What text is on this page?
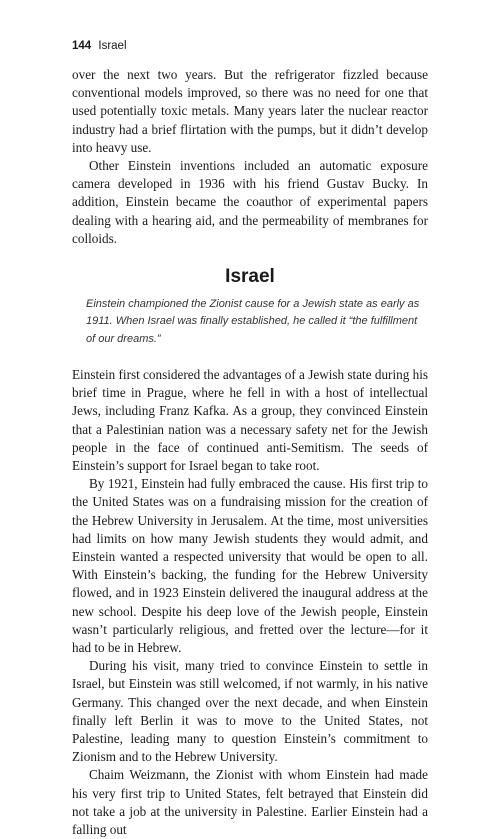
144 Israel

over the next two years. But the refrigerator fizzled because conventional models improved, so there was no need for one that used potentially toxic metals. Many years later the nuclear reactor industry had a brief flirtation with the pumps, but it didn’t develop into heavy use.

Other Einstein inventions included an automatic exposure camera developed in 1936 with his friend Gustav Bucky. In addition, Einstein became the coauthor of experimental papers dealing with a hearing aid, and the permeability of membranes for colloids.

Israel

Einstein championed the Zionist cause for a Jewish state as early as 1911. When Israel was finally established, he called it “the fulfillment of our dreams.”

Einstein first considered the advantages of a Jewish state during his brief time in Prague, where he fell in with a host of intellectual Jews, including Franz Kafka. As a group, they convinced Einstein that a Palestinian nation was a necessary safety net for the Jewish people in the face of continued anti-Semitism. The seeds of Einstein’s support for Israel began to take root.

By 1921, Einstein had fully embraced the cause. His first trip to the United States was on a fundraising mission for the creation of the Hebrew University in Jerusalem. At the time, most universities had limits on how many Jewish students they would admit, and Einstein wanted a respected university that would be open to all. With Einstein’s backing, the funding for the Hebrew University flowed, and in 1923 Einstein delivered the inaugural address at the new school. Despite his deep love of the Jewish people, Einstein wasn’t particularly religious, and fretted over the lecture—for it had to be in Hebrew.

During his visit, many tried to convince Einstein to settle in Israel, but Einstein was still welcomed, if not warmly, in his native Germany. This changed over the next decade, and when Einstein finally left Berlin it was to move to the United States, not Palestine, leading many to question Einstein’s commitment to Zionism and to the Hebrew University.

Chaim Weizmann, the Zionist with whom Einstein had made his very first trip to United States, felt betrayed that Einstein did not take a job at the university in Palestine. Earlier Einstein had a falling out
